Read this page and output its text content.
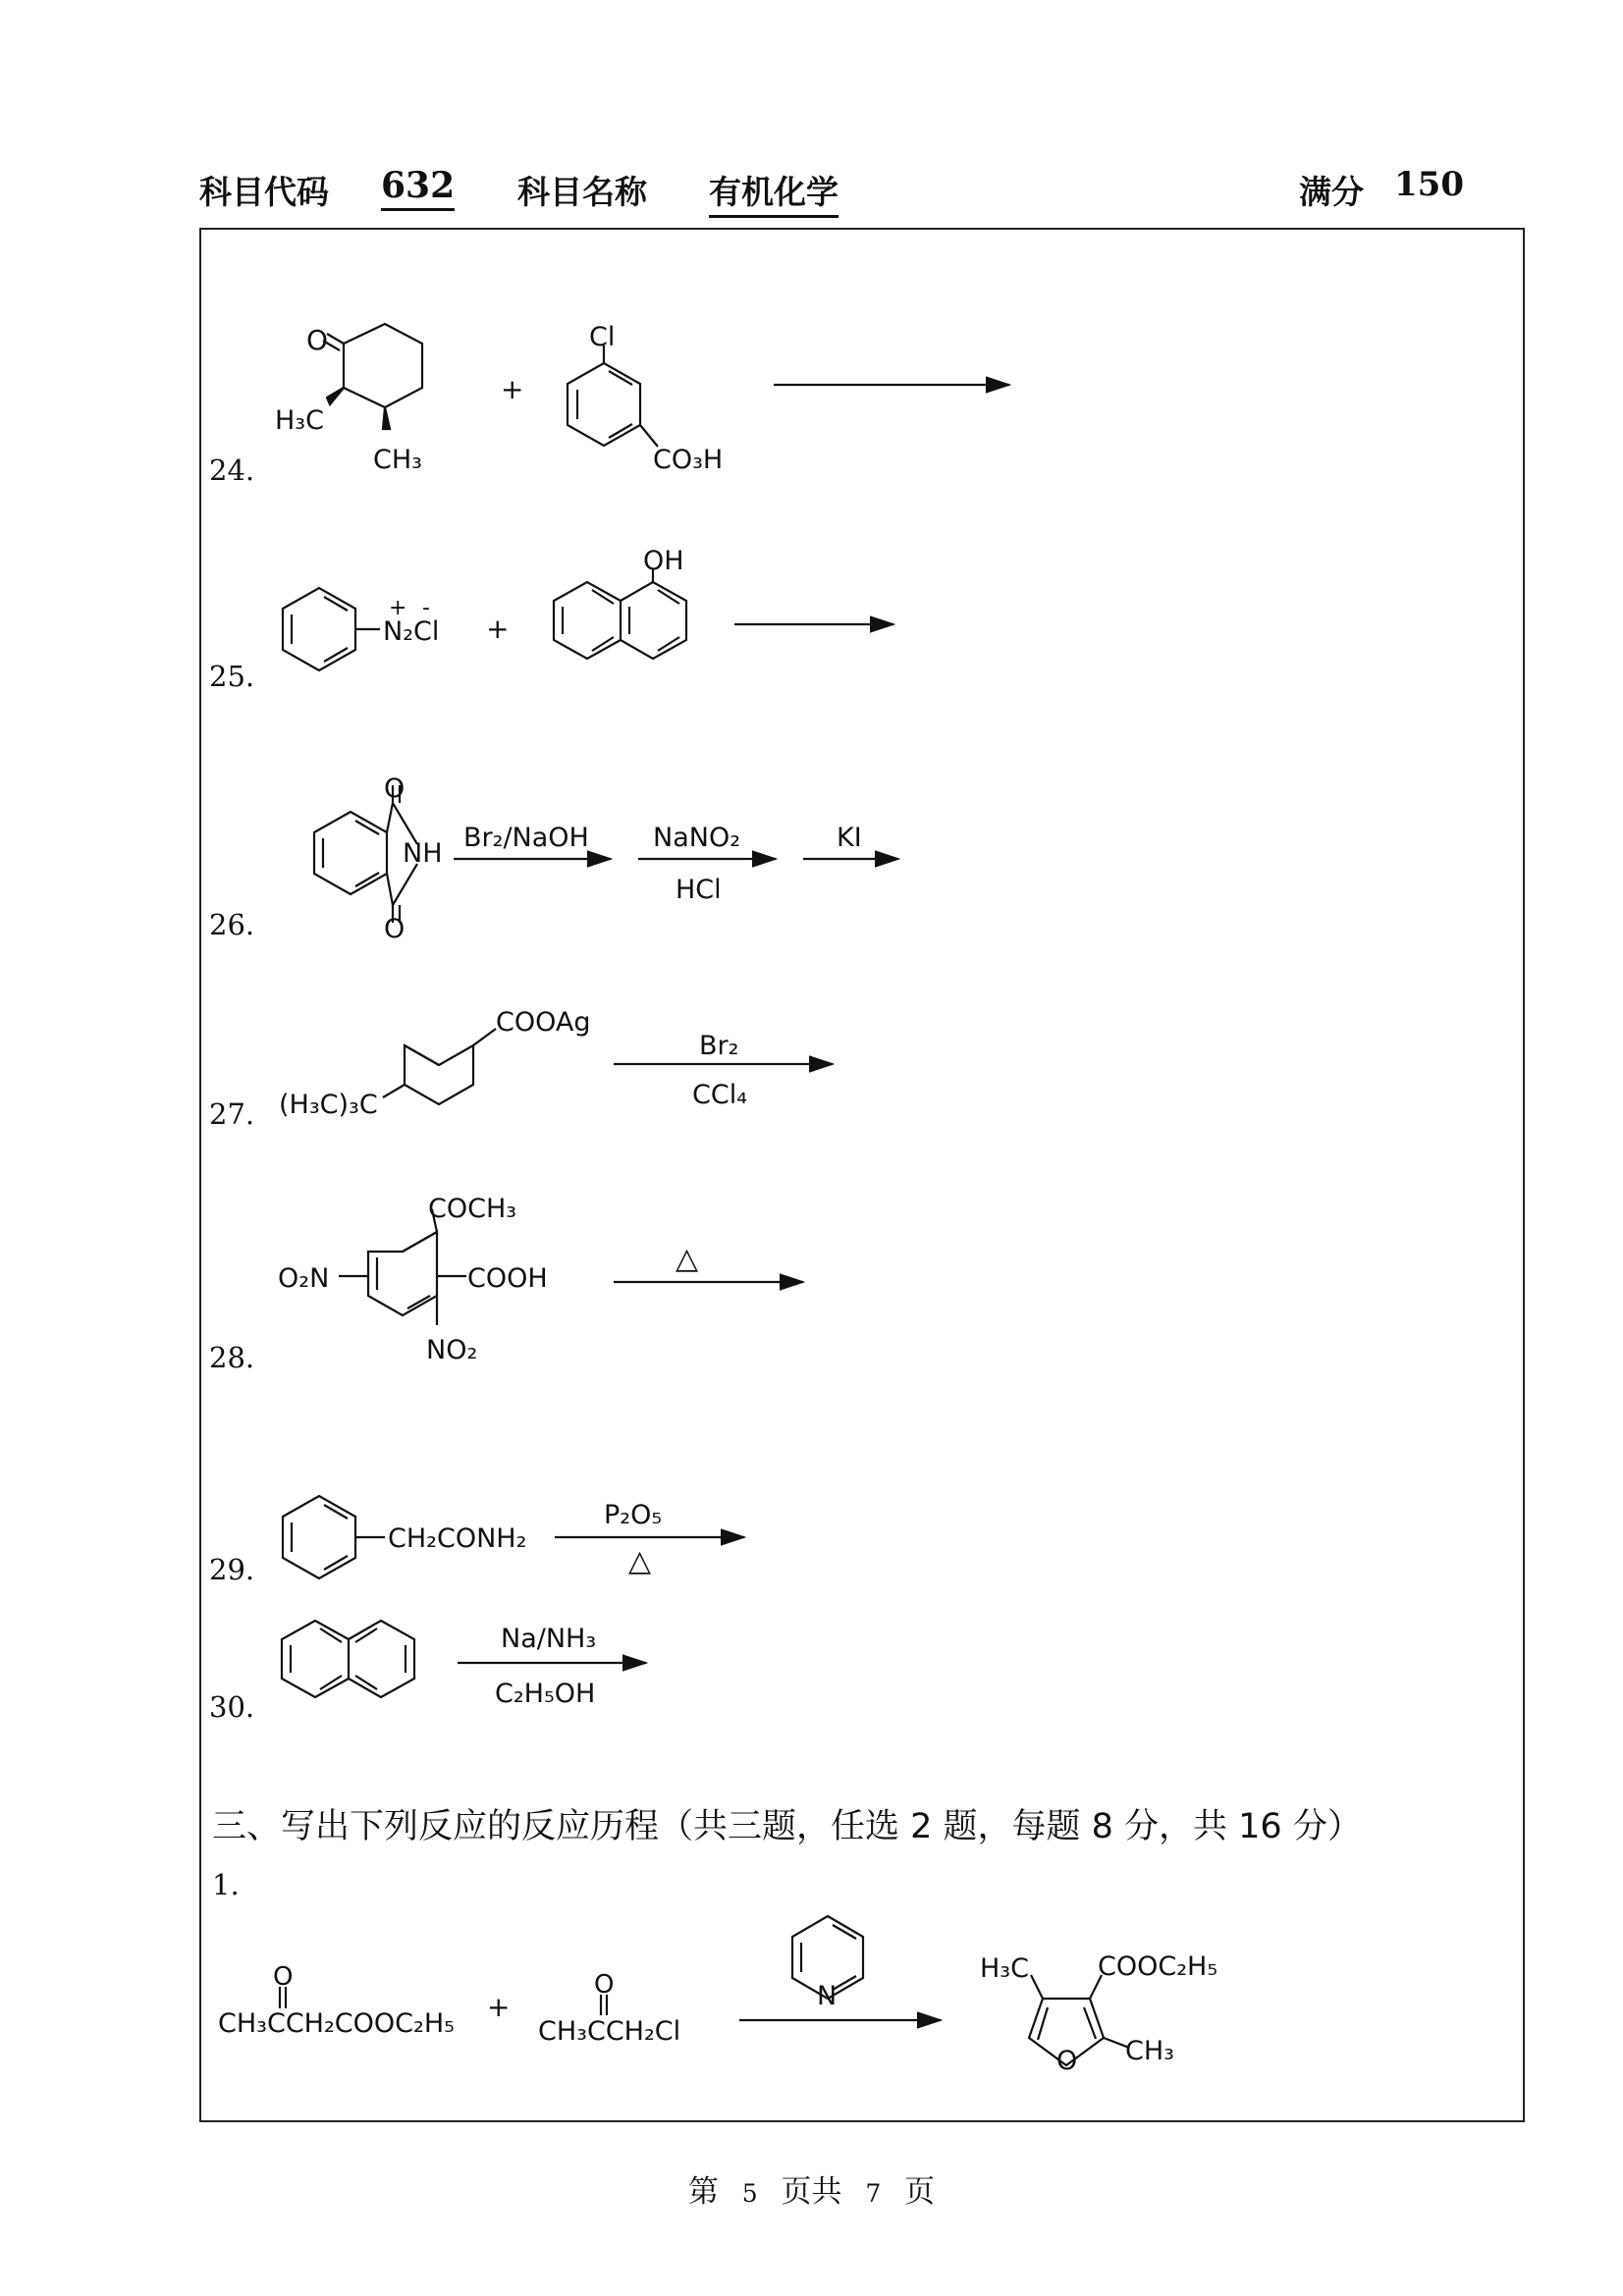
科目代码 632 科目名称 有机化学	满分 150
24.
25.
26.
27.
28.
29.
30.
O
H₃C
CH₃
+
Cl
CO₃H
N₂Cl
+ -
+
OH
O
O
NH
Br₂/NaOH NaNO₂
HCl
KI
COOAg
(H₃C)₃C
Br₂
CCl₄
COCH₃
COOH
O₂N
NO₂
△
CH₂CONH₂
P₂O₅
△
Na/NH₃
C₂H₅OH
O
CH₃CCH₂COOC₂H₅
+
O
CH₃CCH₂Cl
N
H₃C	COOC₂H₅
CH₃
O
三、写出下列反应的反应历程（共三题，任选 2 题，每题 8 分，共 16 分）
1.
第 5 页共 7 页
